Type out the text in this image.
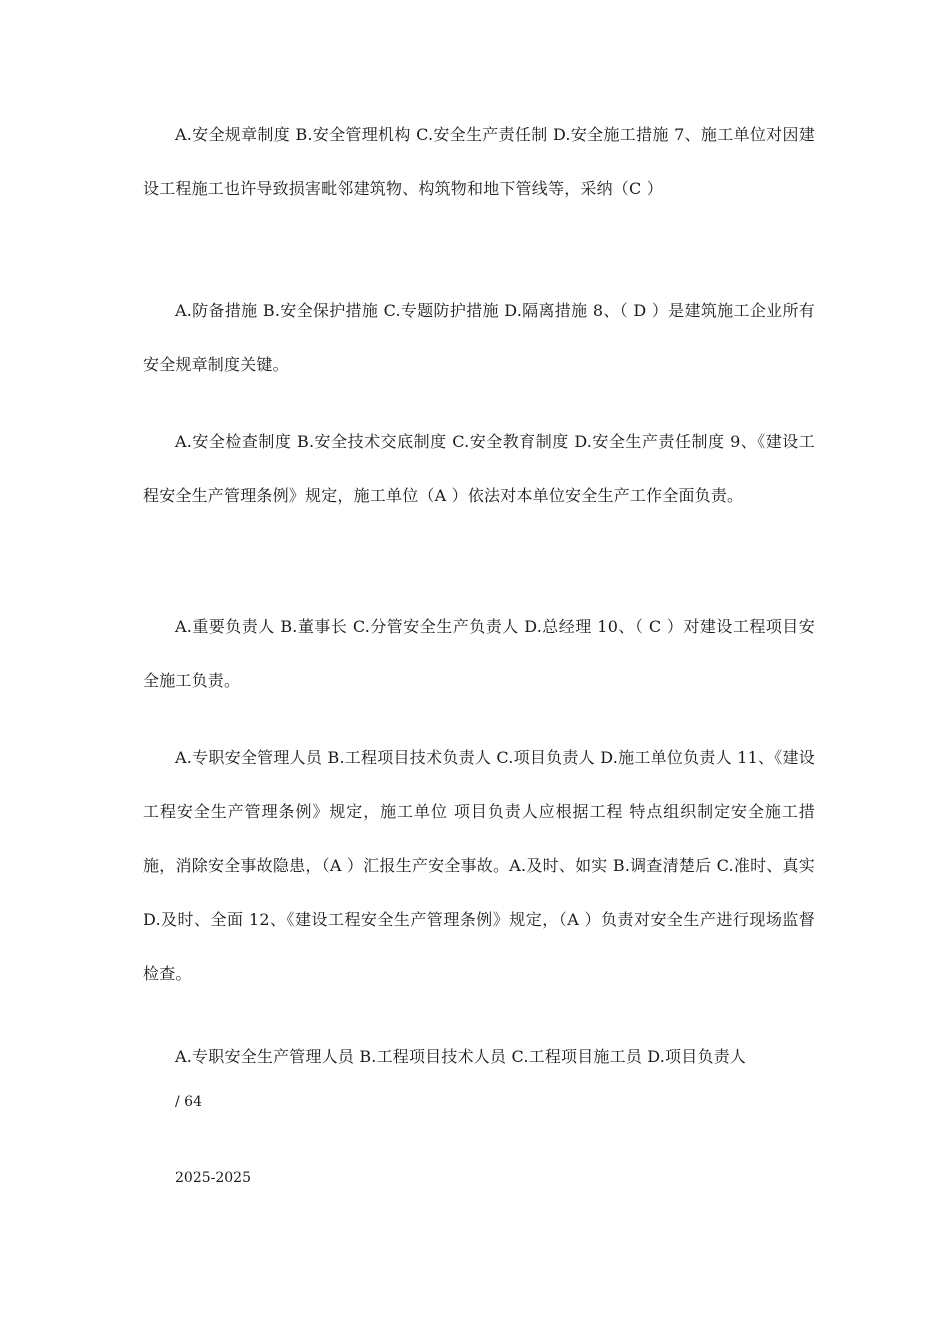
A.安全规章制度 B.安全管理机构 C.安全生产责任制 D.安全施工措施 7、施工单位对因建设工程施工也许导致损害毗邻建筑物、构筑物和地下管线等，采纳（C ）

A.防备措施 B.安全保护措施 C.专题防护措施 D.隔离措施 8、（ D ）是建筑施工企业所有安全规章制度关键。

A.安全检查制度 B.安全技术交底制度 C.安全教育制度 D.安全生产责任制度 9、《建设工程安全生产管理条例》规定，施工单位（A ）依法对本单位安全生产工作全面负责。

A.重要负责人 B.董事长 C.分管安全生产负责人 D.总经理 10、（ C ）对建设工程项目安全施工负责。

A.专职安全管理人员 B.工程项目技术负责人 C.项目负责人 D.施工单位负责人 11、《建设工程安全生产管理条例》规定，施工单位 项目负责人应根据工程 特点组织制定安全施工措施，消除安全事故隐患，（A ）汇报生产安全事故。A.及时、如实 B.调查清楚后 C.准时、真实 D.及时、全面 12、《建设工程安全生产管理条例》规定，（A ）负责对安全生产进行现场监督检查。

A.专职安全生产管理人员 B.工程项目技术人员 C.工程项目施工员 D.项目负责人

/ 64

2025-2025
